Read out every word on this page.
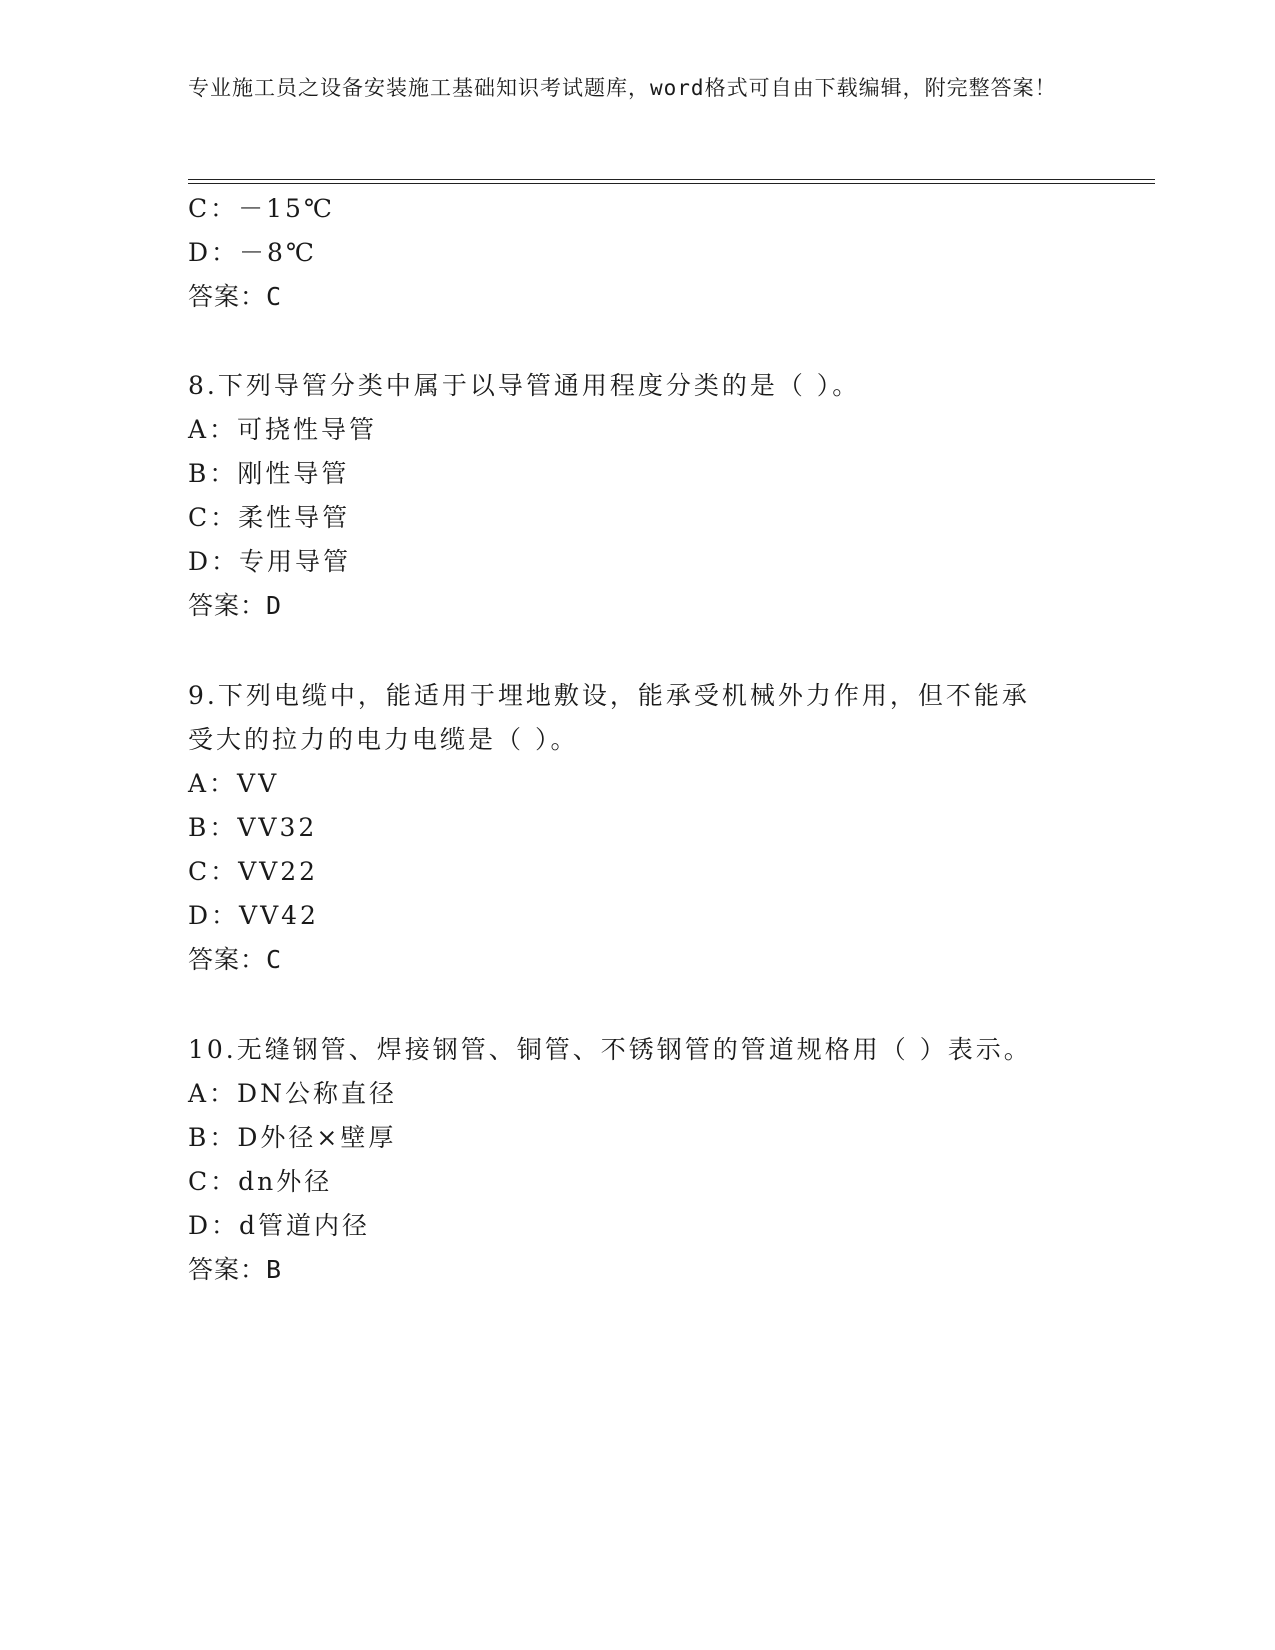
专业施工员之设备安装施工基础知识考试题库，word格式可自由下载编辑，附完整答案！
C：－15℃
D：－8℃
答案：C
8.下列导管分类中属于以导管通用程度分类的是（ ）。
A：可挠性导管
B：刚性导管
C：柔性导管
D：专用导管
答案：D
9.下列电缆中，能适用于埋地敷设，能承受机械外力作用，但不能承
受大的拉力的电力电缆是（ ）。
A：VV
B：VV32
C：VV22
D：VV42
答案：C
10.无缝钢管、焊接钢管、铜管、不锈钢管的管道规格用（ ）表示。
A：DN公称直径
B：D外径×壁厚
C：dn外径
D：d管道内径
答案：B
